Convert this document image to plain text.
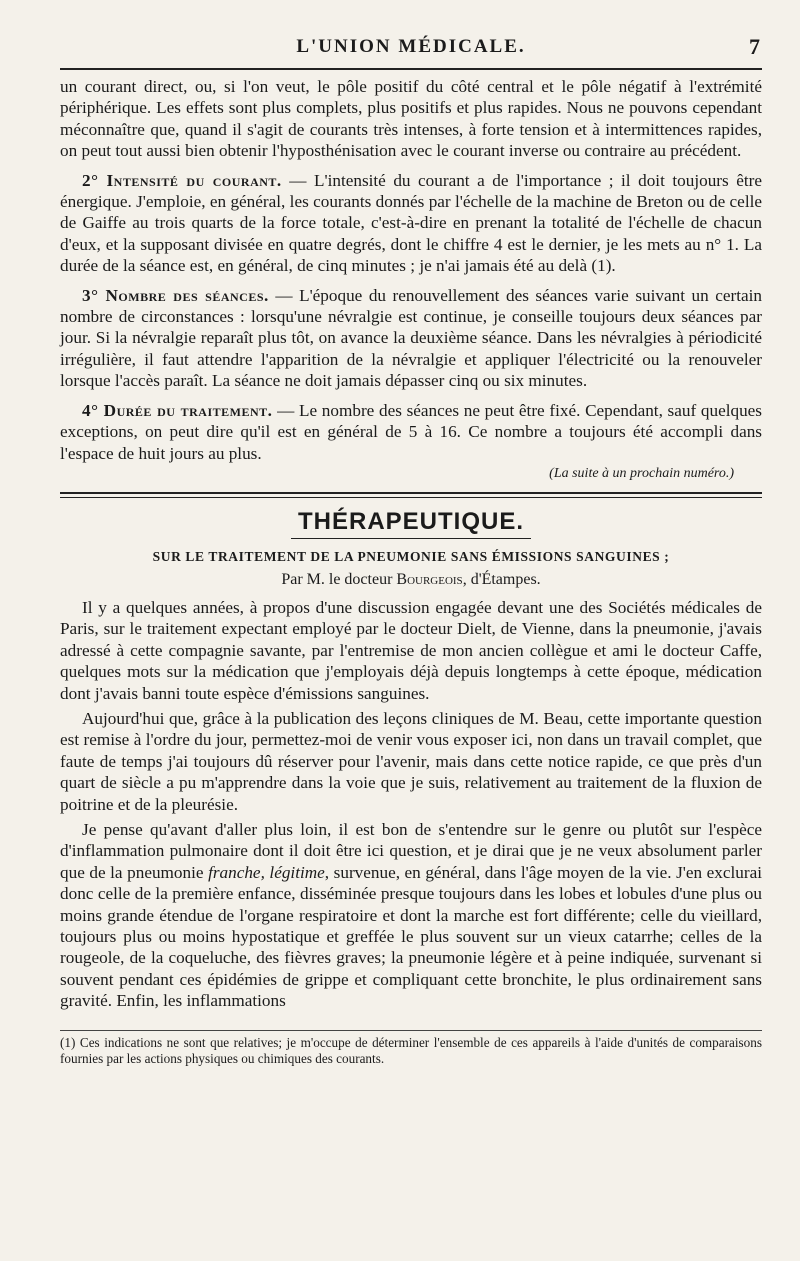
L'UNION MÉDICALE.	7

un courant direct, ou, si l'on veut, le pôle positif du côté central et le pôle négatif à l'extrémité périphérique. Les effets sont plus complets, plus positifs et plus rapides. Nous ne pouvons cependant méconnaître que, quand il s'agit de courants très intenses, à forte tension et à intermittences rapides, on peut tout aussi bien obtenir l'hyposthénisation avec le courant inverse ou contraire au précédent.

2° Intensité du courant. — L'intensité du courant a de l'importance ; il doit toujours être énergique. J'emploie, en général, les courants donnés par l'échelle de la machine de Breton ou de celle de Gaiffe au trois quarts de la force totale, c'est-à-dire en prenant la totalité de l'échelle de chacun d'eux, et la supposant divisée en quatre degrés, dont le chiffre 4 est le dernier, je les mets au n° 1. La durée de la séance est, en général, de cinq minutes ; je n'ai jamais été au delà (1).

3° Nombre des séances. — L'époque du renouvellement des séances varie suivant un certain nombre de circonstances : lorsqu'une névralgie est continue, je conseille toujours deux séances par jour. Si la névralgie reparaît plus tôt, on avance la deuxième séance. Dans les névralgies à périodicité irrégulière, il faut attendre l'apparition de la névralgie et appliquer l'électricité ou la renouveler lorsque l'accès paraît. La séance ne doit jamais dépasser cinq ou six minutes.

4° Durée du traitement. — Le nombre des séances ne peut être fixé. Cependant, sauf quelques exceptions, on peut dire qu'il est en général de 5 à 16. Ce nombre a toujours été accompli dans l'espace de huit jours au plus.

(La suite à un prochain numéro.)
THÉRAPEUTIQUE.
SUR LE TRAITEMENT DE LA PNEUMONIE SANS ÉMISSIONS SANGUINES ;
Par M. le docteur Bourgeois, d'Étampes.

Il y a quelques années, à propos d'une discussion engagée devant une des Sociétés médicales de Paris, sur le traitement expectant employé par le docteur Dielt, de Vienne, dans la pneumonie, j'avais adressé à cette compagnie savante, par l'entremise de mon ancien collègue et ami le docteur Caffe, quelques mots sur la médication que j'employais déjà depuis longtemps à cette époque, médication dont j'avais banni toute espèce d'émissions sanguines.

Aujourd'hui que, grâce à la publication des leçons cliniques de M. Beau, cette importante question est remise à l'ordre du jour, permettez-moi de venir vous exposer ici, non dans un travail complet, que faute de temps j'ai toujours dû réserver pour l'avenir, mais dans cette notice rapide, ce que près d'un quart de siècle a pu m'apprendre dans la voie que je suis, relativement au traitement de la fluxion de poitrine et de la pleurésie.

Je pense qu'avant d'aller plus loin, il est bon de s'entendre sur le genre ou plutôt sur l'espèce d'inflammation pulmonaire dont il doit être ici question, et je dirai que je ne veux absolument parler que de la pneumonie franche, légitime, survenue, en général, dans l'âge moyen de la vie. J'en exclurai donc celle de la première enfance, disséminée presque toujours dans les lobes et lobules d'une plus ou moins grande étendue de l'organe respiratoire et dont la marche est fort différente; celle du vieillard, toujours plus ou moins hypostatique et greffée le plus souvent sur un vieux catarrhe; celles de la rougeole, de la coqueluche, des fièvres graves; la pneumonie légère et à peine indiquée, survenant si souvent pendant ces épidémies de grippe et compliquant cette bronchite, le plus ordinairement sans gravité. Enfin, les inflammations

(1) Ces indications ne sont que relatives; je m'occupe de déterminer l'ensemble de ces appareils à l'aide d'unités de comparaisons fournies par les actions physiques ou chimiques des courants.
